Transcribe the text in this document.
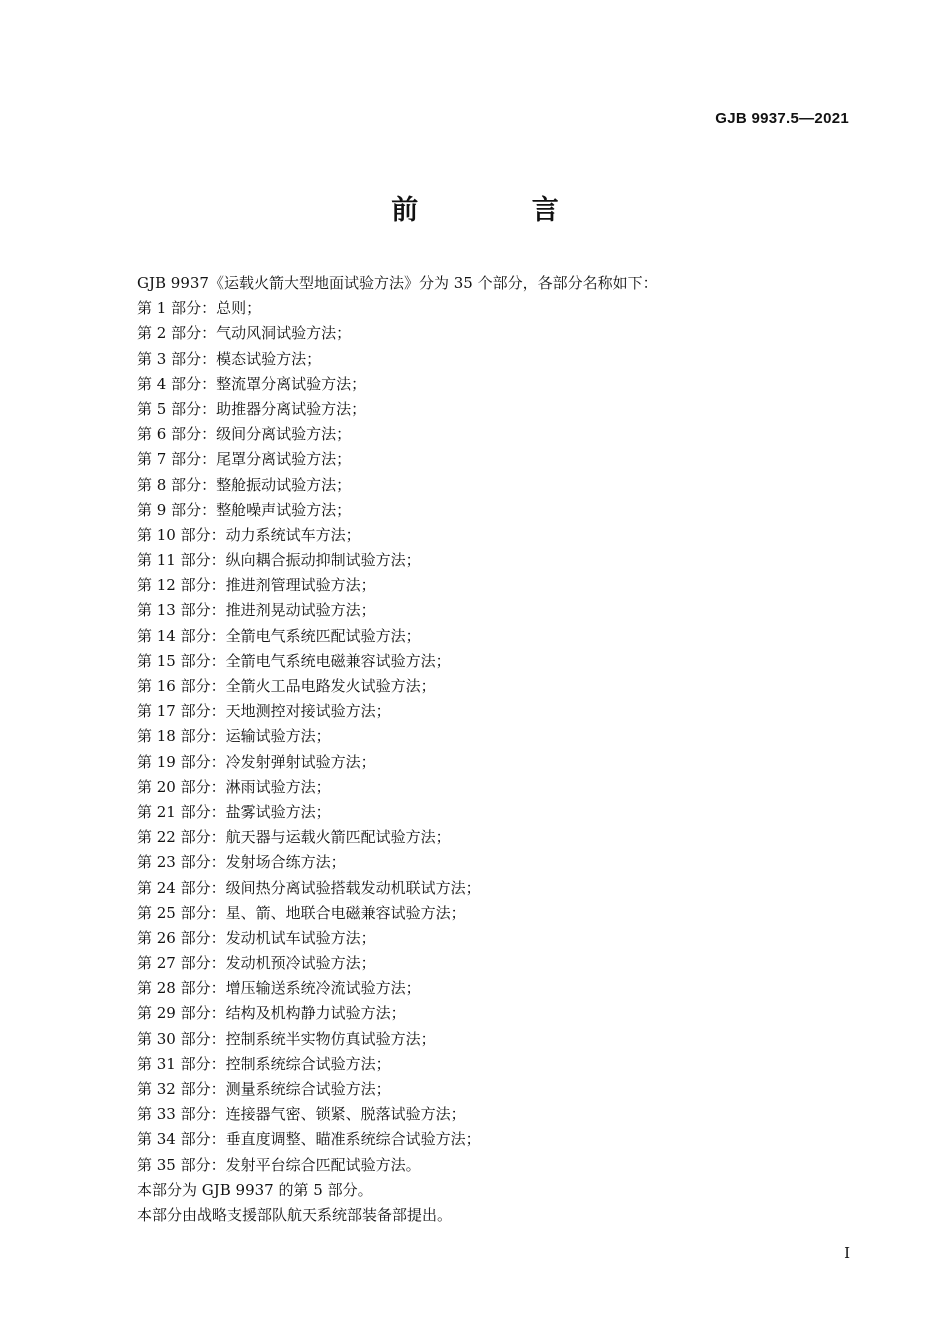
GJB 9937.5—2021
前 言
GJB 9937《运载火箭大型地面试验方法》分为 35 个部分，各部分名称如下：
第 1 部分：总则；
第 2 部分：气动风洞试验方法；
第 3 部分：模态试验方法；
第 4 部分：整流罩分离试验方法；
第 5 部分：助推器分离试验方法；
第 6 部分：级间分离试验方法；
第 7 部分：尾罩分离试验方法；
第 8 部分：整舱振动试验方法；
第 9 部分：整舱噪声试验方法；
第 10 部分：动力系统试车方法；
第 11 部分：纵向耦合振动抑制试验方法；
第 12 部分：推进剂管理试验方法；
第 13 部分：推进剂晃动试验方法；
第 14 部分：全箭电气系统匹配试验方法；
第 15 部分：全箭电气系统电磁兼容试验方法；
第 16 部分：全箭火工品电路发火试验方法；
第 17 部分：天地测控对接试验方法；
第 18 部分：运输试验方法；
第 19 部分：冷发射弹射试验方法；
第 20 部分：淋雨试验方法；
第 21 部分：盐雾试验方法；
第 22 部分：航天器与运载火箭匹配试验方法；
第 23 部分：发射场合练方法；
第 24 部分：级间热分离试验搭载发动机联试方法；
第 25 部分：星、箭、地联合电磁兼容试验方法；
第 26 部分：发动机试车试验方法；
第 27 部分：发动机预冷试验方法；
第 28 部分：增压输送系统冷流试验方法；
第 29 部分：结构及机构静力试验方法；
第 30 部分：控制系统半实物仿真试验方法；
第 31 部分：控制系统综合试验方法；
第 32 部分：测量系统综合试验方法；
第 33 部分：连接器气密、锁紧、脱落试验方法；
第 34 部分：垂直度调整、瞄准系统综合试验方法；
第 35 部分：发射平台综合匹配试验方法。
本部分为 GJB 9937 的第 5 部分。
本部分由战略支援部队航天系统部装备部提出。
I
